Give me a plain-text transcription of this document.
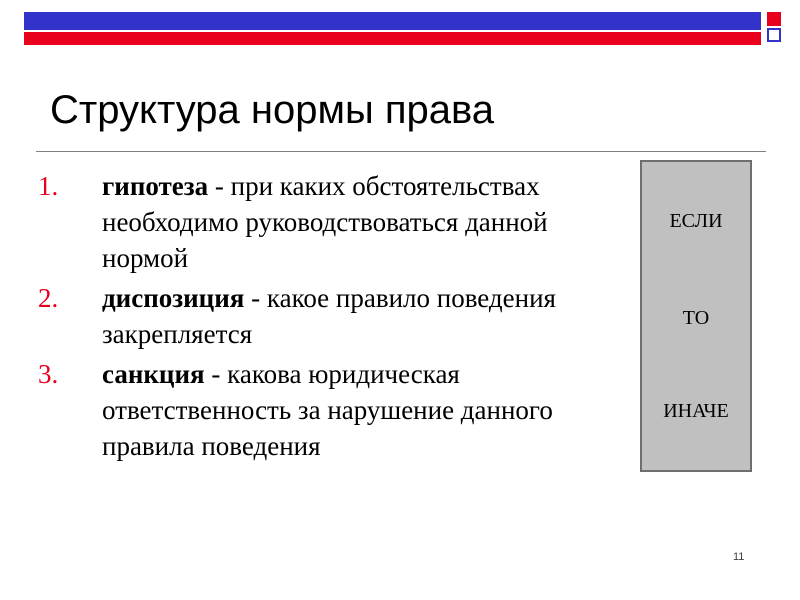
Структура нормы права
1. гипотеза - при каких обстоятельствах необходимо руководствоваться данной нормой
2. диспозиция - какое правило поведения закрепляется
3. санкция - какова юридическая ответственность за нарушение данного правила поведения
ЕСЛИ
ТО
ИНАЧЕ
11
